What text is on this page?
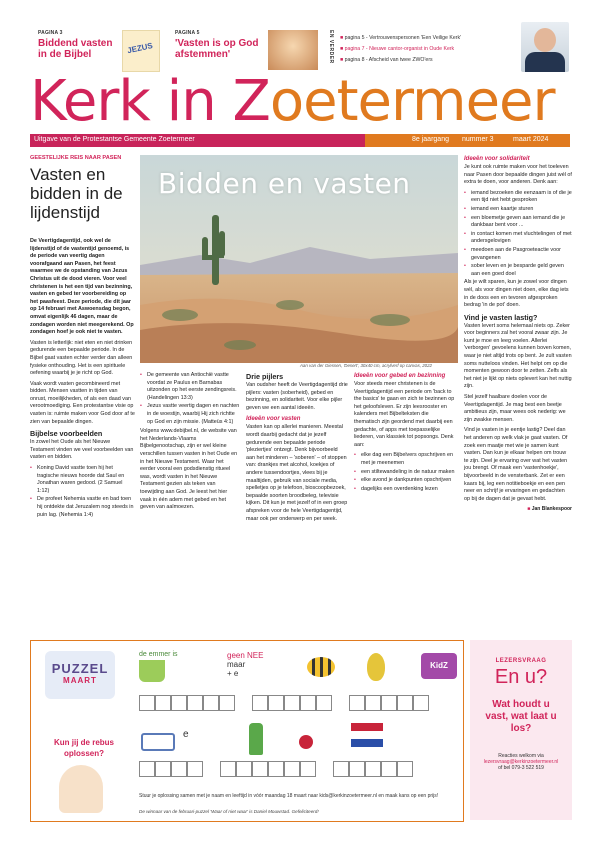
PAGINA 3
Biddend vasten in de Bijbel	JEZUS
PAGINA 5
'Vasten is op God afstemmen'	EN VERDER ■ pagina 5 - Vertrouwenspersonen 'Een Veilige Kerk'
■ pagina 7 - Nieuwe cantor-organist in Oude Kerk
■ pagina 8 - Afscheid van twee ZWO'ers
Kerk in Zoetermeer
Uitgave van de Protestantse Gemeente Zoetermeer	8e jaargang nummer 3	maart 2024
GEESTELIJKE REIS NAAR PASEN
Vasten en bidden in de lijdenstijd

De Veertigdagentijd, ook wel de lijdenstijd of de vastentijd genoemd, is de periode van veertig dagen voorafgaand aan Pasen, het feest waarmee we de opstanding van Jezus Christus uit de dood vieren. Voor veel christenen is het een tijd van bezinning, vasten en gebed ter voorbereiding op het paasfeest. Deze periode, die dit jaar op 14 februari met Aswoensdag begon, omvat eigenlijk 46 dagen, maar de zondagen worden niet meegerekend. Op zondagen hoef je ook niet te vasten.

Vasten is letterlijk: niet eten en niet drinken gedurende een bepaalde periode. In de Bijbel gaat vasten echter verder dan alleen fysieke onthouding. Het is een spirituele oefening waarbij je je richt op God.

Vaak wordt vasten gecombineerd met bidden. Mensen vastten in tijden van onrust, moeilijkheden, of als een daad van verootmoediging. Een protestantse visie op vasten is: ruimte maken voor God door af te zien van bepaalde dingen.

Bijbelse voorbeelden

In zowel het Oude als het Nieuwe Testament vinden we veel voorbeelden van vasten en bidden.

• Koning David vastte toen hij het tragische nieuws hoorde dat Saul en Jonathan waren gedood. (2 Samuel 1:12)
• De profeet Nehemia vastte en bad toen hij ontdekte dat Jeruzalem nog steeds in puin lag. (Nehemia 1:4)
Bidden en vasten
Aan van der Giessen, 'Desert', 30x40 cm, acrylverf op canvas, 2022
• De gemeente van Antiochië vastte voordat ze Paulus en Barnabas uitzonden op het eerste zendingsreis. (Handelingen 13:3)
• Jezus vastte veertig dagen en nachten in de woestijn, waarbij Hij zich richtte op God en zijn missie. (Matteüs 4:1)

Volgens www.debijbel.nl, de website van het Nederlands-Vlaams Bijbelgenootschap, zijn er wel kleine verschillen tussen vasten in het Oude en in het Nieuwe Testament. Waar het eerder vooral een godsdienstig ritueel was, wordt vasten in het Nieuwe Testament gezien als teken van toewijding aan God. Je leest het hier vaak in één adem met gebed en het geven van aalmoezen.

Drie pijlers

Van oudsher heeft de Veertigdagentijd drie pijlers: vasten (soberheid), gebed en bezinning, en solidariteit. Voor elke pijler geven we een aantal ideeën.

Ideeën voor vasten

Vasten kan op allerlei manieren. Meestal wordt daarbij gedacht dat je jezelf gedurende een bepaalde periode 'pleziertjes' ontzegt. Denk bijvoorbeeld aan het minderen – 'soberen' – of stoppen van: drankjes met alcohol, koekjes of andere tussendoortjes, vlees bij je maaltijden, gebruik van sociale media, spelletjes op je telefoon, bioscoopbezoek, bepaalde soorten broodbeleg, televisie kijken. Dit kun je met jezelf of in een groep afspreken voor de hele Veertigdagentijd, maar ook per onderwerp en per week.

Ideeën voor gebed en bezinning

Voor steeds meer christenen is de Veertigdagentijd een periode om 'back to the basics' te gaan en zich te bezinnen op het geloofsleven. Er zijn leesrooster en kalenders met Bijbelteksten die thematisch zijn geordend met daarbij een gedachte, of apps met toepasselijke liederen, van klassiek tot popsongs. Denk aan:

• elke dag een Bijbelvers opschrijven en met je meenemen
• een stiltewandeling in de natuur maken
• elke avond je dankpunten opschrijven
• dagelijks een overdenking lezen
Ideeën voor solidariteit

Je kunt ook ruimte maken voor het toeleven naar Pasen door bepaalde dingen juist wél of extra te doen, voor anderen. Denk aan:

• iemand bezoeken die eenzaam is of die je een tijd niet hebt gesproken
• iemand een kaartje sturen
• een bloemetje geven aan iemand die je dankbaar bent voor ...
• in contact komen met vluchtelingen of met andersgelovigen
• meedoen aan de Pasgroeteactie voor gevangenen
• sober leven en je besparde geld geven aan een goed doel

Als je wilt sparen, kun je zowel voor dingen wél, als voor dingen niet doen, elke dag iets in de doos een en tevoren afgesproken bedrag 'in de pot' doen.

Vind je vasten lastig?

Vasten levert soms helemaal niets op. Zeker voor beginners zal het vooral zwaar zijn. Je kunt je moe en leeg voelen. Allerlei 'verborgen' gevoelens kunnen boven komen, waar je niet altijd trots op bent. Je zult vasten soms nutteloos vinden. Het helpt om op die momenten gewoon door te zetten. Zelfs als het niet je lijkt op niets oplevert kan het nuttig zijn.

Stel jezelf haalbare doelen voor de Veertigdagentijd. Je mag best een beetje ambitieus zijn, maar wees ook nederig: we zijn zwakke mensen.

Vind je vasten in je eentje lastig? Deel dan het anderen op welk vlak je gaat vasten. Of zoek een maatje met wie je samen kunt vasten. Dan kun je elkaar helpen om trouw te zijn. Deel je ervaring over wat het vasten jou brengt. Of maak een 'vastenhoekje', bijvoorbeeld in de vensterbank. Zet er een kaars bij, leg een notitieboekje en een pen neer en schrijf je ervaringen en gedachten op bij de dagen dat je gevast hebt.

■ Jan Blankespoor
PUZZEL
MAART
Kun jij de rebus oplossen?
de emmer is	geen NEE
maar
+ e
KidZ

e

Stuur je oplossing samen met je naam en leeftijd in vóór maandag 18 maart naar kids@kerkinzoetermeer.nl en maak kans op een prijs!
De winnaar van de februari-puzzel 'Waar of niet waar' is Daniel Mouwstad. Gefeliciteerd!
LEZERSVRAAG
En u?
Wat houdt u vast, wat laat u los?
Reacties welkom via
lezersvraag@kerkinzoetermeer.nl
of bel 079-3 522 519
